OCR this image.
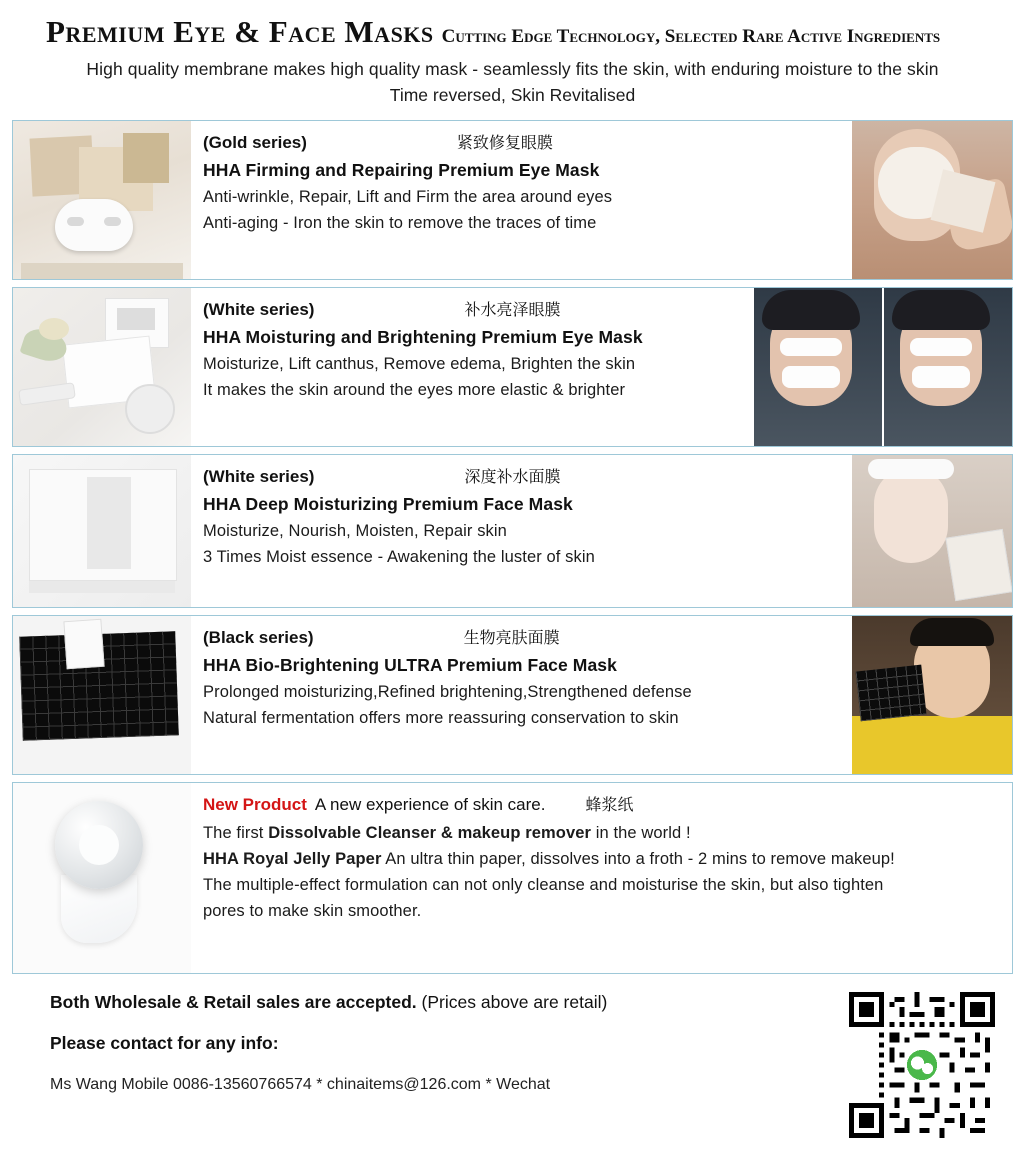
Premium Eye & Face Masks Cutting Edge Technology, Selected Rare Active Ingredients
High quality membrane makes high quality mask - seamlessly fits the skin, with enduring moisture to the skin
Time reversed, Skin Revitalised
(Gold series)	紧致修复眼膜
HHA Firming and Repairing Premium Eye Mask
Anti-wrinkle, Repair, Lift and Firm the area around eyes
Anti-aging - Iron the skin to remove the traces of time
(White series)	补水亮泽眼膜
HHA Moisturing and Brightening Premium Eye Mask
Moisturize, Lift canthus, Remove edema, Brighten the skin
It makes the skin around the eyes more elastic & brighter
(White series)	深度补水面膜
HHA Deep Moisturizing Premium Face Mask
Moisturize, Nourish, Moisten, Repair skin
3 Times Moist essence - Awakening the luster of skin
(Black series)	生物亮肤面膜
HHA Bio-Brightening ULTRA Premium Face Mask
Prolonged moisturizing,Refined brightening,Strengthened defense
Natural fermentation offers more reassuring conservation to skin
New Product A new experience of skin care.	蜂浆纸
The first Dissolvable Cleanser & makeup remover in the world !
HHA Royal Jelly Paper An ultra thin paper, dissolves into a froth - 2 mins to remove makeup!
The multiple-effect formulation can not only cleanse and moisturise the skin, but also tighten
pores to make skin smoother.
Both Wholesale & Retail sales are accepted. (Prices above are retail)
Please contact for any info:
Ms Wang Mobile 0086-13560766574 * chinaitems@126.com * Wechat
